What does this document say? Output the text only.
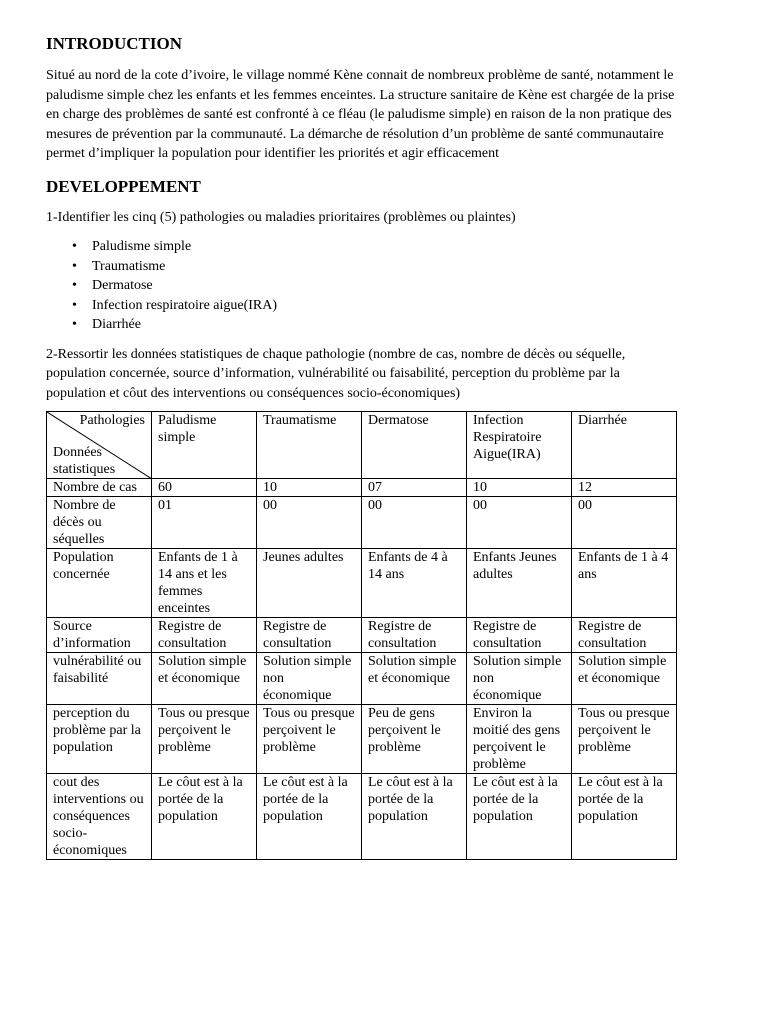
INTRODUCTION

Situé au nord de la cote d’ivoire, le village nommé Kène connait de nombreux problème de santé, notamment le paludisme simple chez les enfants et les femmes enceintes. La structure sanitaire de Kène est chargée de la prise en charge des problèmes de santé est confronté à ce fléau (le paludisme simple) en raison de la non pratique des mesures de prévention par la communauté. La démarche de résolution d’un problème de santé communautaire permet d’impliquer la population pour identifier les priorités et agir efficacement

DEVELOPPEMENT

1-Identifier les cinq (5) pathologies ou maladies prioritaires (problèmes ou plaintes)

• Paludisme simple
• Traumatisme
• Dermatose
• Infection respiratoire aigue(IRA)
• Diarrhée

2-Ressortir les données statistiques de chaque pathologie (nombre de cas, nombre de décès ou séquelle, population concernée, source d’information, vulnérabilité ou faisabilité, perception du problème par la population et côut des interventions ou conséquences socio-économiques)

Pathologies
Données statistiques	Paludisme simple	Traumatisme	Dermatose	Infection Respiratoire Aigue(IRA)	Diarrhée
Nombre de cas	60	10	07	10	12
Nombre de décès ou séquelles	01	00	00	00	00
Population concernée	Enfants de 1 à 14 ans et les femmes enceintes	Jeunes adultes	Enfants de 4 à 14 ans	Enfants Jeunes adultes	Enfants de 1 à 4 ans
Source d’information	Registre de consultation	Registre de consultation	Registre de consultation	Registre de consultation	Registre de consultation
vulnérabilité ou faisabilité	Solution simple et économique	Solution simple non économique	Solution simple et économique	Solution simple non économique	Solution simple et économique
perception du problème par la population	Tous ou presque perçoivent le problème	Tous ou presque perçoivent le problème	Peu de gens perçoivent le problème	Environ la moitié des gens perçoivent le problème	Tous ou presque perçoivent le problème
cout des interventions ou conséquences socio-économiques	Le côut est à la portée de la population	Le côut est à la portée de la population	Le côut est à la portée de la population	Le côut est à la portée de la population	Le côut est à la portée de la population
